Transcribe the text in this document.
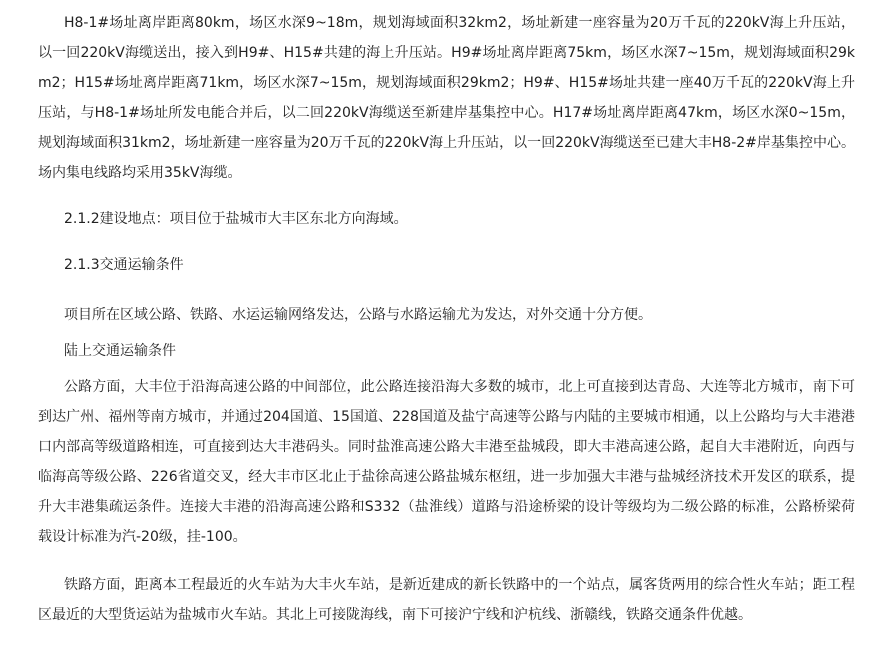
H8-1#场址离岸距离80km，场区水深9~18m，规划海域面积32km2，场址新建一座容量为20万千瓦的220kV海上升压站，以一回220kV海缆送出，接入到H9#、H15#共建的海上升压站。H9#场址离岸距离75km，场区水深7~15m，规划海域面积29km2；H15#场址离岸距离71km，场区水深7~15m，规划海域面积29km2；H9#、H15#场址共建一座40万千瓦的220kV海上升压站，与H8-1#场址所发电能合并后，以二回220kV海缆送至新建岸基集控中心。H17#场址离岸距离47km，场区水深0~15m，规划海域面积31km2，场址新建一座容量为20万千瓦的220kV海上升压站，以一回220kV海缆送至已建大丰H8-2#岸基集控中心。场内集电线路均采用35kV海缆。

2.1.2建设地点：项目位于盐城市大丰区东北方向海域。

2.1.3交通运输条件

项目所在区域公路、铁路、水运运输网络发达，公路与水路运输尤为发达，对外交通十分方便。

陆上交通运输条件

公路方面，大丰位于沿海高速公路的中间部位，此公路连接沿海大多数的城市，北上可直接到达青岛、大连等北方城市，南下可到达广州、福州等南方城市，并通过204国道、15国道、228国道及盐宁高速等公路与内陆的主要城市相通，以上公路均与大丰港港口内部高等级道路相连，可直接到达大丰港码头。同时盐淮高速公路大丰港至盐城段，即大丰港高速公路，起自大丰港附近，向西与临海高等级公路、226省道交叉，经大丰市区北止于盐徐高速公路盐城东枢纽，进一步加强大丰港与盐城经济技术开发区的联系，提升大丰港集疏运条件。连接大丰港的沿海高速公路和S332（盐淮线）道路与沿途桥梁的设计等级均为二级公路的标准，公路桥梁荷载设计标准为汽-20级，挂-100。

铁路方面，距离本工程最近的火车站为大丰火车站，是新近建成的新长铁路中的一个站点，属客货两用的综合性火车站；距工程区最近的大型货运站为盐城市火车站。其北上可接陇海线，南下可接沪宁线和沪杭线、浙赣线，铁路交通条件优越。
